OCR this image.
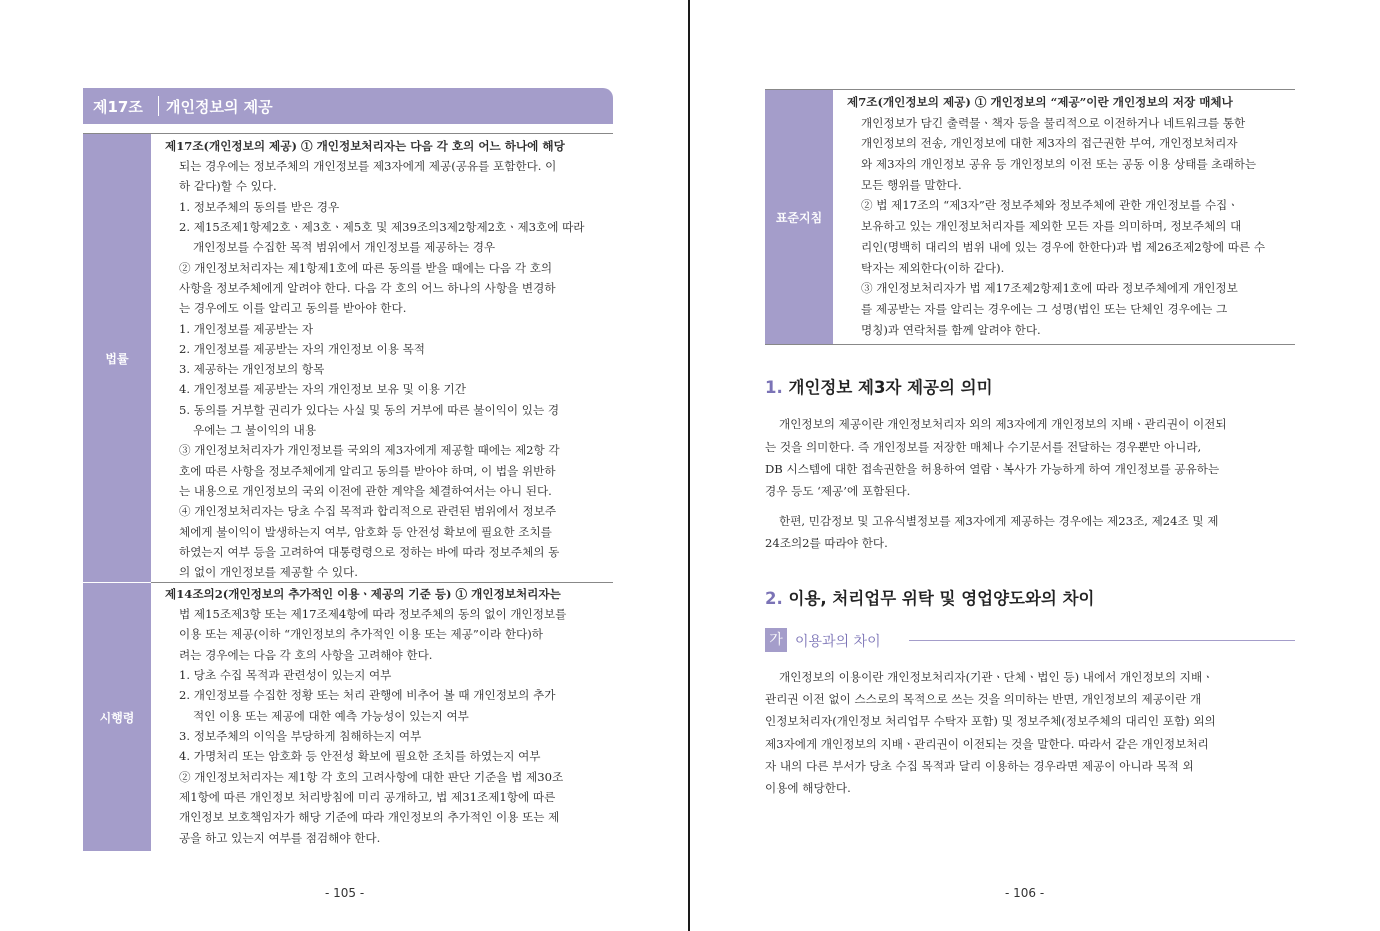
제17조 개인정보의 제공
법률
제17조(개인정보의 제공) ① 개인정보처리자는 다음 각 호의 어느 하나에 해당
되는 경우에는 정보주체의 개인정보를 제3자에게 제공(공유를 포함한다. 이
하 같다)할 수 있다.
1. 정보주체의 동의를 받은 경우
2. 제15조제1항제2호ㆍ제3호ㆍ제5호 및 제39조의3제2항제2호ㆍ제3호에 따라
개인정보를 수집한 목적 범위에서 개인정보를 제공하는 경우
② 개인정보처리자는 제1항제1호에 따른 동의를 받을 때에는 다음 각 호의
사항을 정보주체에게 알려야 한다. 다음 각 호의 어느 하나의 사항을 변경하
는 경우에도 이를 알리고 동의를 받아야 한다.
1. 개인정보를 제공받는 자
2. 개인정보를 제공받는 자의 개인정보 이용 목적
3. 제공하는 개인정보의 항목
4. 개인정보를 제공받는 자의 개인정보 보유 및 이용 기간
5. 동의를 거부할 권리가 있다는 사실 및 동의 거부에 따른 불이익이 있는 경
우에는 그 불이익의 내용
③ 개인정보처리자가 개인정보를 국외의 제3자에게 제공할 때에는 제2항 각
호에 따른 사항을 정보주체에게 알리고 동의를 받아야 하며, 이 법을 위반하
는 내용으로 개인정보의 국외 이전에 관한 계약을 체결하여서는 아니 된다.
④ 개인정보처리자는 당초 수집 목적과 합리적으로 관련된 범위에서 정보주
체에게 불이익이 발생하는지 여부, 암호화 등 안전성 확보에 필요한 조치를
하였는지 여부 등을 고려하여 대통령령으로 정하는 바에 따라 정보주체의 동
의 없이 개인정보를 제공할 수 있다.
시행령
제14조의2(개인정보의 추가적인 이용ㆍ제공의 기준 등) ① 개인정보처리자는
법 제15조제3항 또는 제17조제4항에 따라 정보주체의 동의 없이 개인정보를
이용 또는 제공(이하 “개인정보의 추가적인 이용 또는 제공”이라 한다)하
려는 경우에는 다음 각 호의 사항을 고려해야 한다.
1. 당초 수집 목적과 관련성이 있는지 여부
2. 개인정보를 수집한 정황 또는 처리 관행에 비추어 볼 때 개인정보의 추가
적인 이용 또는 제공에 대한 예측 가능성이 있는지 여부
3. 정보주체의 이익을 부당하게 침해하는지 여부
4. 가명처리 또는 암호화 등 안전성 확보에 필요한 조치를 하였는지 여부
② 개인정보처리자는 제1항 각 호의 고려사항에 대한 판단 기준을 법 제30조
제1항에 따른 개인정보 처리방침에 미리 공개하고, 법 제31조제1항에 따른
개인정보 보호책임자가 해당 기준에 따라 개인정보의 추가적인 이용 또는 제
공을 하고 있는지 여부를 점검해야 한다.
- 105 -
표준지침
제7조(개인정보의 제공) ① 개인정보의 “제공”이란 개인정보의 저장 매체나
개인정보가 담긴 출력물ㆍ책자 등을 물리적으로 이전하거나 네트워크를 통한
개인정보의 전송, 개인정보에 대한 제3자의 접근권한 부여, 개인정보처리자
와 제3자의 개인정보 공유 등 개인정보의 이전 또는 공동 이용 상태를 초래하는
모든 행위를 말한다.
② 법 제17조의 “제3자”란 정보주체와 정보주체에 관한 개인정보를 수집ㆍ
보유하고 있는 개인정보처리자를 제외한 모든 자를 의미하며, 정보주체의 대
리인(명백히 대리의 범위 내에 있는 경우에 한한다)과 법 제26조제2항에 따른 수
탁자는 제외한다(이하 같다).
③ 개인정보처리자가 법 제17조제2항제1호에 따라 정보주체에게 개인정보
를 제공받는 자를 알리는 경우에는 그 성명(법인 또는 단체인 경우에는 그
명칭)과 연락처를 함께 알려야 한다.
1. 개인정보 제3자 제공의 의미
개인정보의 제공이란 개인정보처리자 외의 제3자에게 개인정보의 지배ㆍ관리권이 이전되
는 것을 의미한다. 즉 개인정보를 저장한 매체나 수기문서를 전달하는 경우뿐만 아니라,
DB 시스템에 대한 접속권한을 허용하여 열람ㆍ복사가 가능하게 하여 개인정보를 공유하는
경우 등도 ‘제공’에 포함된다.
한편, 민감정보 및 고유식별정보를 제3자에게 제공하는 경우에는 제23조, 제24조 및 제
24조의2를 따라야 한다.
2. 이용, 처리업무 위탁 및 영업양도와의 차이
가 이용과의 차이
개인정보의 이용이란 개인정보처리자(기관ㆍ단체ㆍ법인 등) 내에서 개인정보의 지배ㆍ
관리권 이전 없이 스스로의 목적으로 쓰는 것을 의미하는 반면, 개인정보의 제공이란 개
인정보처리자(개인정보 처리업무 수탁자 포함) 및 정보주체(정보주체의 대리인 포함) 외의
제3자에게 개인정보의 지배ㆍ관리권이 이전되는 것을 말한다. 따라서 같은 개인정보처리
자 내의 다른 부서가 당초 수집 목적과 달리 이용하는 경우라면 제공이 아니라 목적 외
이용에 해당한다.
- 106 -
